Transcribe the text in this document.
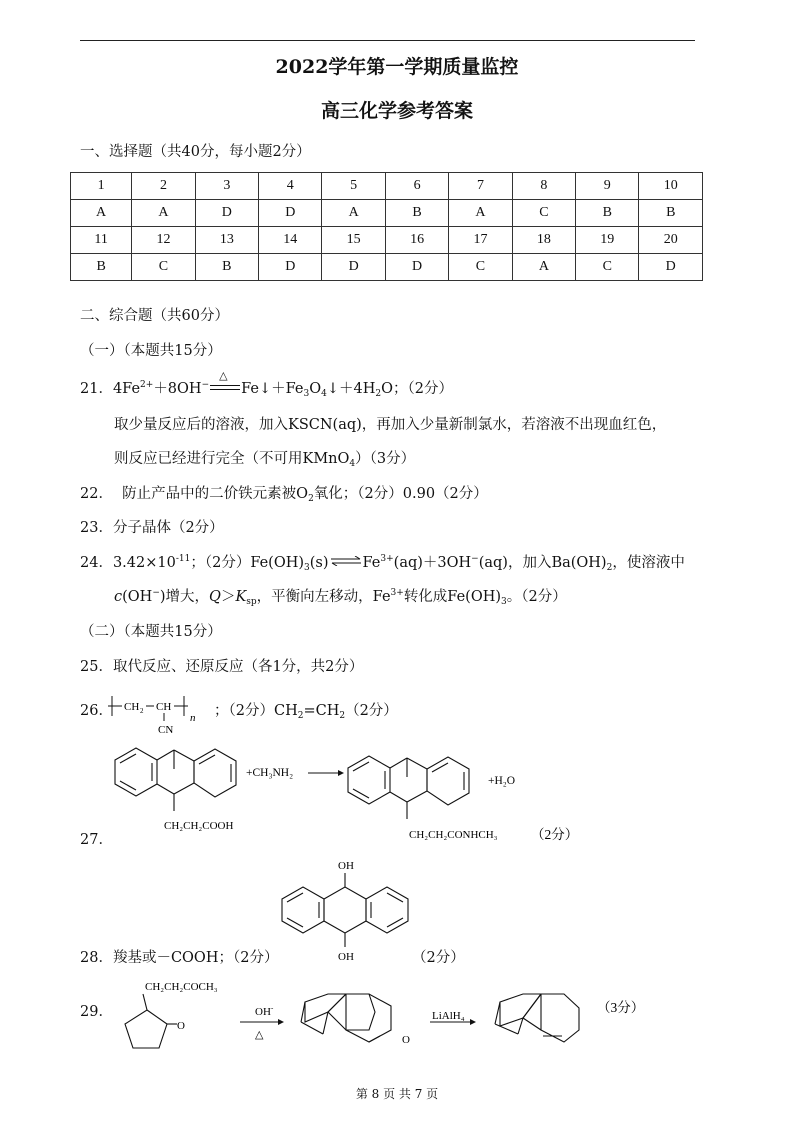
2022学年第一学期质量监控
高三化学参考答案
一、选择题（共40分，每小题2分）
1	2	3	4	5	6	7	8	9	10
A	A	D	D	A	B	A	C	B	B
11	12	13	14	15	16	17	18	19	20
B	C	B	D	D	D	C	A	C	D
二、综合题（共60分）
（一）（本题共15分）
21．$4Fe^{2+}+8OH^-$
△
$Fe↓+Fe_3O_4↓+4H_2O$；（2分）
取少量反应后的溶液，加入KSCN(aq)，再加入少量新制氯水，若溶液不出现血红色，
则反应已经进行完全（不可用KMnO$_4$）（3分）
22． 防止产品中的二价铁元素被$O_2$氧化；（2分）0.90（2分）
23．分子晶体（2分）
24．$3.42\times 10^{-11}$；（2分）$Fe(OH)_3(s)\rightleftharpoons Fe^{3+}(aq)+3OH^-(aq)$，加入$Ba(OH)_2$，使溶液中
c(OH−)增大，$Q>K_{sp}$，平衡向左移动，$Fe^{3+}$转化成$Fe(OH)_3$。（2分）
（二）（本题共15分）
25．取代反应、还原反应（各1分，共2分）
26． CH 2 CH
n
CN
；（2分）$CH_2=CH_2(2$分）
27．
CH₂CH₂COOH
+CH₃NH₂
CH₂CH₂CONHCH₃
+H₂O
（2分）
OH
OH
28．羧基或－COOH；（2分）	（2分）
29．
CH₂CH₂COCH₃
O
OH -
△	O
LiAlH₄
（3分）
第 8 页 共 7 页
